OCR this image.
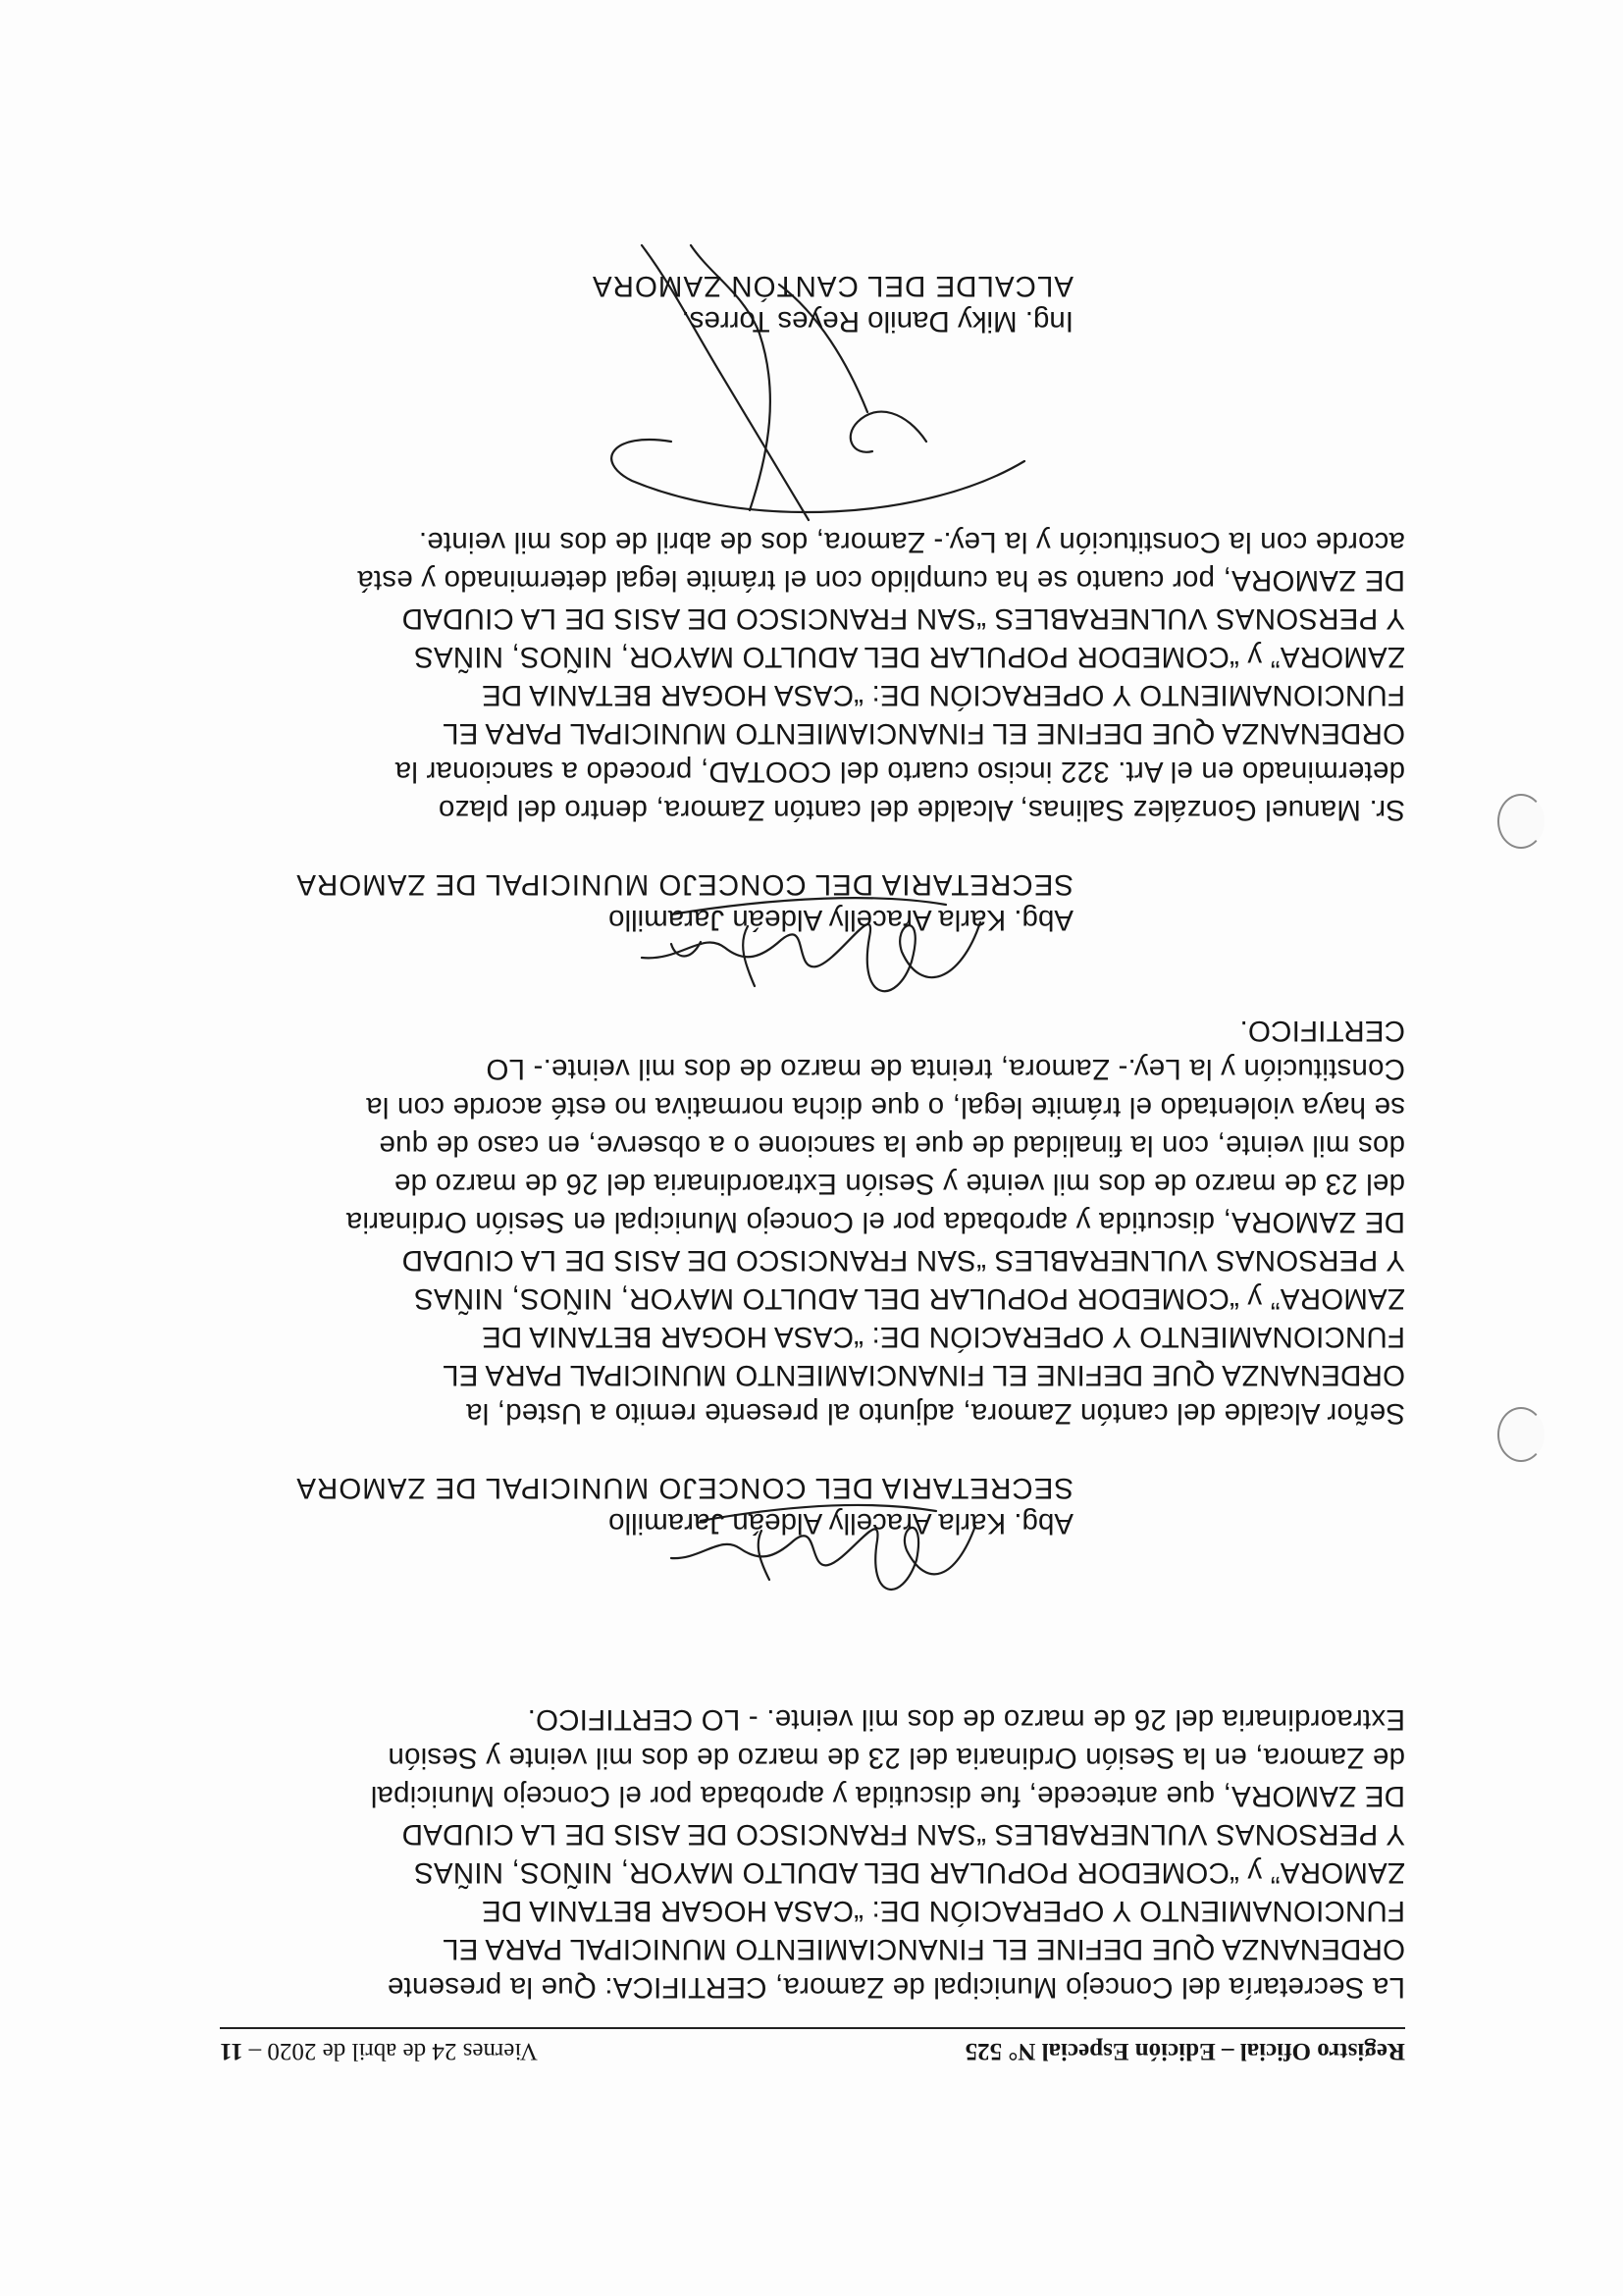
Registro Oficial – Edición Especial N° 525
Viernes 24 de abril de 2020 –11

La Secretaría del Concejo Municipal de Zamora, CERTIFICA: Que la presente
ORDENANZA QUE DEFINE EL FINANCIAMIENTO MUNICIPAL PARA EL
FUNCIONAMIENTO Y OPERACIÓN DE: “CASA HOGAR BETANIA DE
ZAMORA” y “COMEDOR POPULAR DEL ADULTO MAYOR, NIÑOS, NIÑAS
Y PERSONAS VULNERABLES “SAN FRANCISCO DE ASIS DE LA CIUDAD
DE ZAMORA, que antecede, fue discutida y aprobada por el Concejo Municipal
de Zamora, en la Sesión Ordinaria del 23 de marzo de dos mil veinte y Sesión
Extraordinaria del 26 de marzo de dos mil veinte. - LO CERTIFICO.

Abg. Karla Aracelly Aldeán Jaramillo
SECRETARIA DEL CONCEJO MUNICIPAL DE ZAMORA

Señor Alcalde del cantón Zamora, adjunto al presente remito a Usted, la
ORDENANZA QUE DEFINE EL FINANCIAMIENTO MUNICIPAL PARA EL
FUNCIONAMIENTO Y OPERACIÓN DE: “CASA HOGAR BETANIA DE
ZAMORA” y “COMEDOR POPULAR DEL ADULTO MAYOR, NIÑOS, NIÑAS
Y PERSONAS VULNERABLES “SAN FRANCISCO DE ASIS DE LA CIUDAD
DE ZAMORA, discutida y aprobada por el Concejo Municipal en Sesión Ordinaria
del 23 de marzo de dos mil veinte y Sesión Extraordinaria del 26 de marzo de
dos mil veinte, con la finalidad de que la sancione o a observe, en caso de que
se haya violentado el trámite legal, o que dicha normativa no esté acorde con la
Constitución y la Ley.- Zamora, treinta de marzo de dos mil veinte.- LO
CERTIFICO.

Abg. Karla Aracelly Aldeán Jaramillo
SECRETARIA DEL CONCEJO MUNICIPAL DE ZAMORA

Sr. Manuel González Salinas, Alcalde del cantón Zamora, dentro del plazo
determinado en el Art. 322 inciso cuarto del COOTAD, procedo a sancionar la
ORDENANZA QUE DEFINE EL FINANCIAMIENTO MUNICIPAL PARA EL
FUNCIONAMIENTO Y OPERACIÓN DE: “CASA HOGAR BETANIA DE
ZAMORA” y “COMEDOR POPULAR DEL ADULTO MAYOR, NIÑOS, NIÑAS
Y PERSONAS VULNERABLES “SAN FRANCISCO DE ASIS DE LA CIUDAD
DE ZAMORA, por cuanto se ha cumplido con el trámite legal determinado y está
acorde con la Constitución y la Ley.- Zamora, dos de abril de dos mil veinte.

Ing. Miky Danilo Reyes Torres.
ALCALDE DEL CANTÓN ZAMORA
